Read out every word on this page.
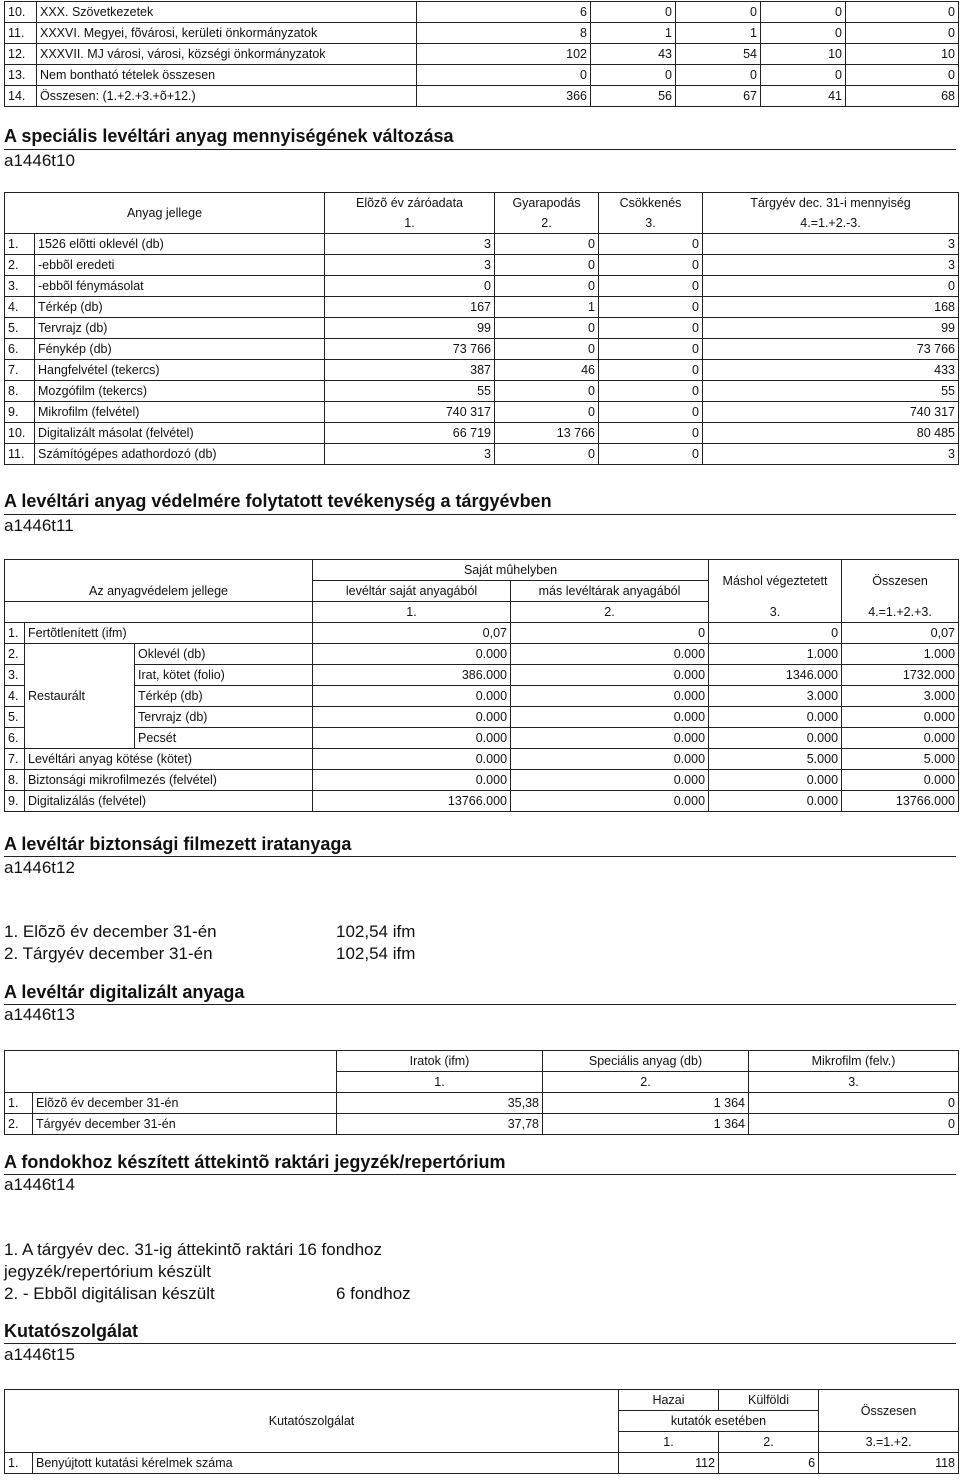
10.	XXX. Szövetkezetek	6	0	0	0	0
11.	XXXVI. Megyei, fõvárosi, kerületi önkormányzatok	8	1	1	0	0
12.	XXXVII. MJ városi, városi, községi önkormányzatok	102	43	54	10	10
13.	Nem bontható tételek összesen	0	0	0	0	0
14.	Összesen: (1.+2.+3.+õ+12.)	366	56	67	41	68
A speciális levéltári anyag mennyiségének változása
a1446t10
Anyag jellege		Elõzõ év záróadata	Gyarapodás	Csökkenés	Tárgyév dec. 31-i mennyiség
		1.	2.	3.	4.=1.+2.-3.
1.	1526 elõtti oklevél (db)	3	0	0	3
2.	-ebbõl eredeti	3	0	0	3
3.	-ebbõl fénymásolat	0	0	0	0
4.	Térkép (db)	167	1	0	168
5.	Tervrajz (db)	99	0	0	99
6.	Fénykép (db)	73 766	0	0	73 766
7.	Hangfelvétel (tekercs)	387	46	0	433
8.	Mozgófilm (tekercs)	55	0	0	55
9.	Mikrofilm (felvétel)	740 317	0	0	740 317
10.	Digitalizált másolat (felvétel)	66 719	13 766	0	80 485
11.	Számítógépes adathordozó (db)	3	0	0	3
A levéltári anyag védelmére folytatott tevékenység a tárgyévben
a1446t11
Az anyagvédelem jellege			Saját mûhelyben		Máshol végeztetett	Összesen
			levéltár saját anyagából	más levéltárak anyagából		
			1.	2.	3.	4.=1.+2.+3.
1.	Fertõtlenített (ifm)		0,07	0	0	0,07
2.	Restaurált	Oklevél (db)	0.000	0.000	1.000	1.000
3.		Irat, kötet (folio)	386.000	0.000	1346.000	1732.000
4.		Térkép (db)	0.000	0.000	3.000	3.000
5.		Tervrajz (db)	0.000	0.000	0.000	0.000
6.		Pecsét	0.000	0.000	0.000	0.000
7.	Levéltári anyag kötése (kötet)		0.000	0.000	5.000	5.000
8.	Biztonsági mikrofilmezés (felvétel)		0.000	0.000	0.000	0.000
9.	Digitalizálás (felvétel)		13766.000	0.000	0.000	13766.000
A levéltár biztonsági filmezett iratanyaga
a1446t12
1. Elõzõ év december 31-én	102,54 ifm
2. Tárgyév december 31-én	102,54 ifm
A levéltár digitalizált anyaga
a1446t13
		Iratok (ifm)	Speciális anyag (db)	Mikrofilm (felv.)
		1.	2.	3.
1.	Elõzõ év december 31-én	35,38	1 364	0
2.	Tárgyév december 31-én	37,78	1 364	0
A fondokhoz készített áttekintõ raktári jegyzék/repertórium
a1446t14
1. A tárgyév dec. 31-ig áttekintõ raktári 16 fondhoz
jegyzék/repertórium készült
2. - Ebbõl digitálisan készült	6 fondhoz
Kutatószolgálat
a1446t15
Kutatószolgálat		Hazai	Külföldi	Összesen
		kutatók esetében		
		1.	2.	3.=1.+2.
1.	Benyújtott kutatási kérelmek száma	112	6	118
